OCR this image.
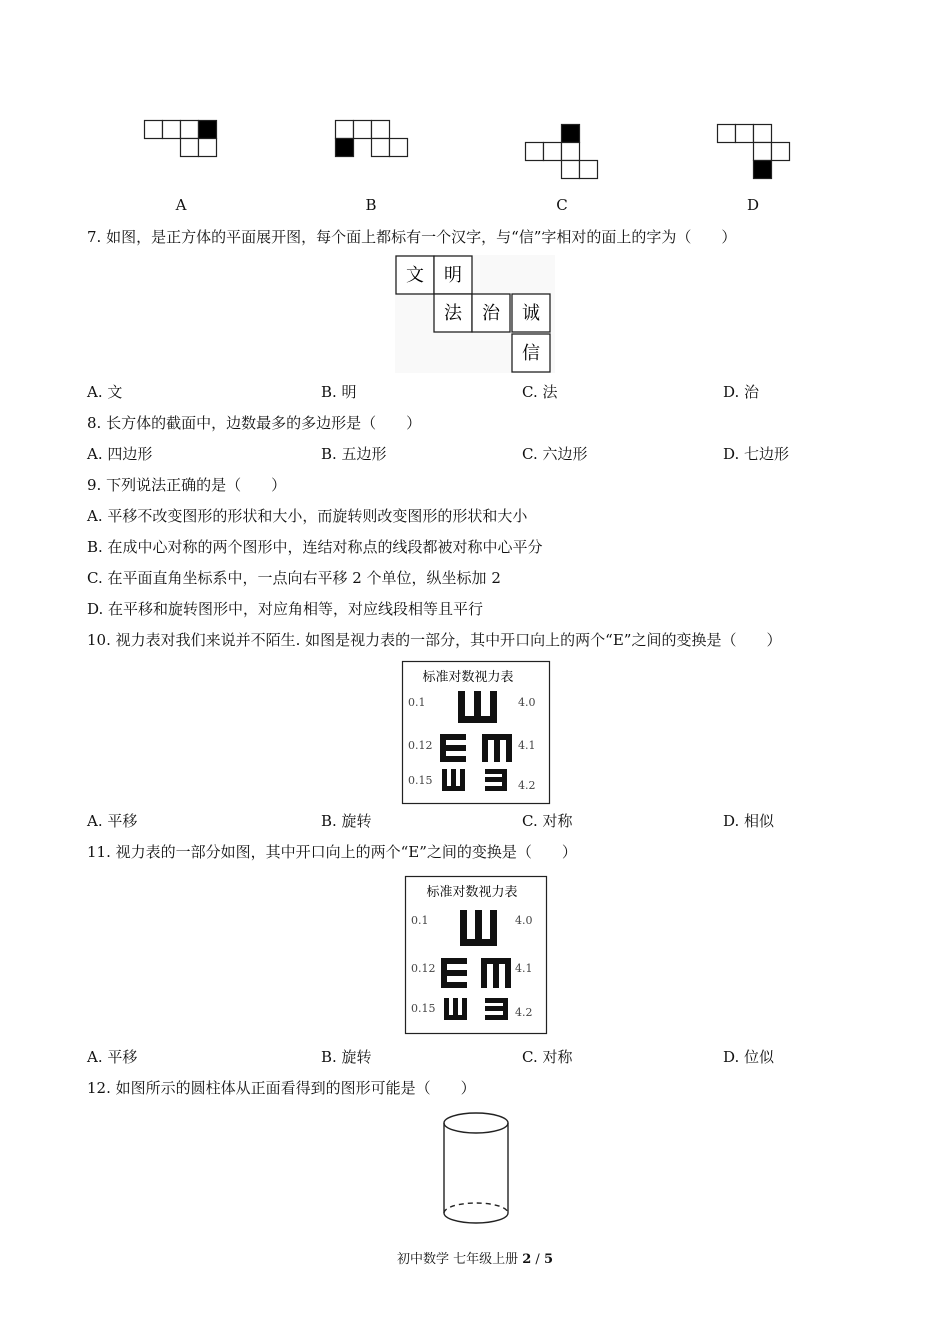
A	B	C	D
7. 如图，是正方体的平面展开图，每个面上都标有一个汉字，与“信”字相对的面上的字为（　　）
文 明
法 治 诚
信
A. 文	B. 明	C. 法	D. 治
8. 长方体的截面中，边数最多的多边形是（　　）
A. 四边形	B. 五边形	C. 六边形	D. 七边形
9. 下列说法正确的是（　　）
A. 平移不改变图形的形状和大小，而旋转则改变图形的形状和大小
B. 在成中心对称的两个图形中，连结对称点的线段都被对称中心平分
C. 在平面直角坐标系中，一点向右平移 2 个单位，纵坐标加 2
D. 在平移和旋转图形中，对应角相等，对应线段相等且平行
10. 视力表对我们来说并不陌生. 如图是视力表的一部分，其中开口向上的两个“E”之间的变换是（　　）
标准对数视力表
0.1
0.12
0.15
4.0
4.1
4.2
A. 平移	B. 旋转	C. 对称	D. 相似
11. 视力表的一部分如图，其中开口向上的两个“E”之间的变换是（　　）
标准对数视力表
0.1
0.12
0.15
4.0
4.1
4.2
A. 平移	B. 旋转	C. 对称	D. 位似
12. 如图所示的圆柱体从正面看得到的图形可能是（　　）
初中数学 七年级上册 2 / 5
